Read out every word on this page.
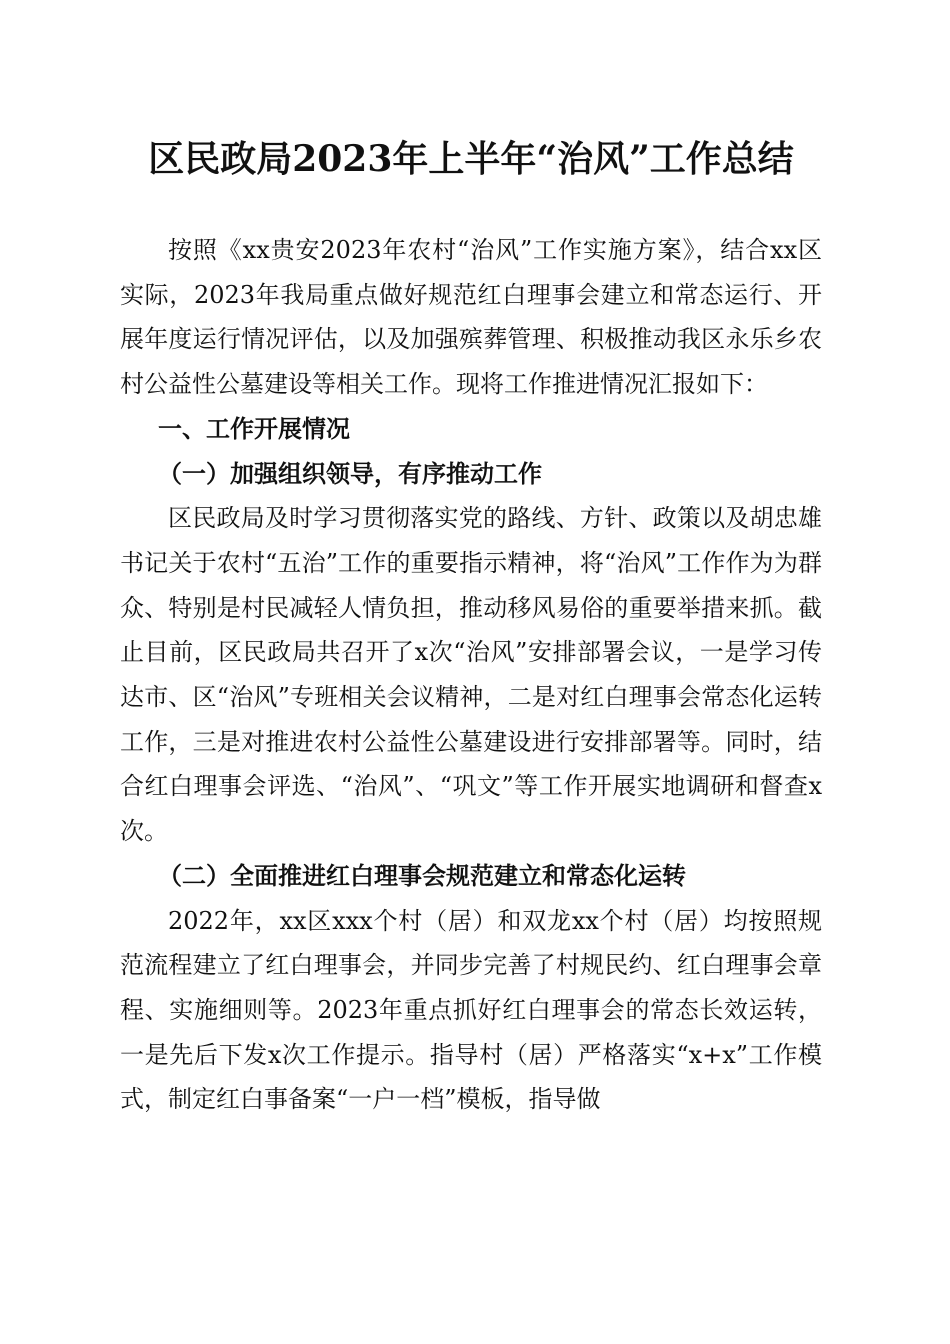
区民政局2023年上半年“治风”工作总结

按照《xx贵安2023年农村“治风”工作实施方案》，结合xx区实际，2023年我局重点做好规范红白理事会建立和常态运行、开展年度运行情况评估，以及加强殡葬管理、积极推动我区永乐乡农村公益性公墓建设等相关工作。现将工作推进情况汇报如下：

一、工作开展情况

（一）加强组织领导，有序推动工作

区民政局及时学习贯彻落实党的路线、方针、政策以及胡忠雄书记关于农村“五治”工作的重要指示精神，将“治风”工作作为为群众、特别是村民减轻人情负担，推动移风易俗的重要举措来抓。截止目前，区民政局共召开了x次“治风”安排部署会议，一是学习传达市、区“治风”专班相关会议精神，二是对红白理事会常态化运转工作，三是对推进农村公益性公墓建设进行安排部署等。同时，结合红白理事会评选、“治风”、“巩文”等工作开展实地调研和督查x次。

（二）全面推进红白理事会规范建立和常态化运转

2022年，xx区xxx个村（居）和双龙xx个村（居）均按照规范流程建立了红白理事会，并同步完善了村规民约、红白理事会章程、实施细则等。2023年重点抓好红白理事会的常态长效运转，一是先后下发x次工作提示。指导村（居）严格落实“x+x”工作模式，制定红白事备案“一户一档”模板，指导做
